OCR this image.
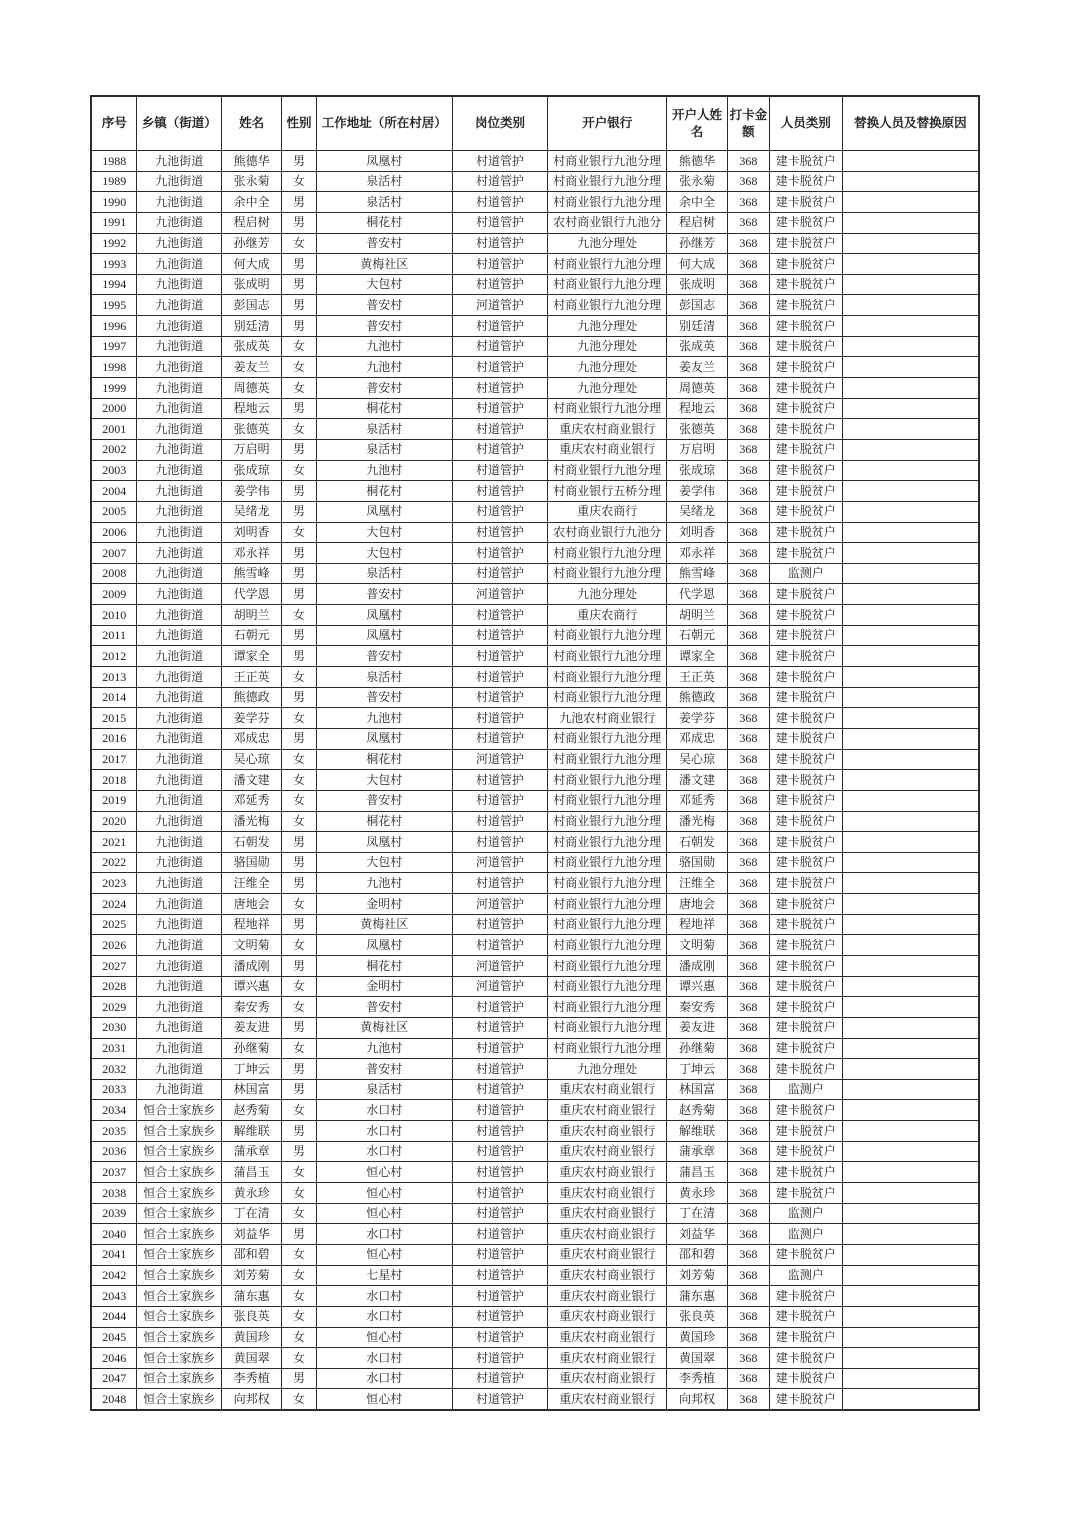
序号	乡镇（街道）	姓名	性别	工作地址（所在村居）	岗位类别	开户银行	开户人姓名	打卡金额	人员类别	替换人员及替换原因
1988	九池街道	熊德华	男	凤凰村	村道管护	村商业银行九池分理	熊德华	368	建卡脱贫户	
1989	九池街道	张永菊	女	泉活村	村道管护	村商业银行九池分理	张永菊	368	建卡脱贫户	
1990	九池街道	余中全	男	泉活村	村道管护	村商业银行九池分理	余中全	368	建卡脱贫户	
1991	九池街道	程启树	男	桐花村	村道管护	农村商业银行九池分	程启树	368	建卡脱贫户	
1992	九池街道	孙继芳	女	普安村	村道管护	九池分理处	孙继芳	368	建卡脱贫户	
1993	九池街道	何大成	男	黄梅社区	村道管护	村商业银行九池分理	何大成	368	建卡脱贫户	
1994	九池街道	张成明	男	大包村	村道管护	村商业银行九池分理	张成明	368	建卡脱贫户	
1995	九池街道	彭国志	男	普安村	河道管护	村商业银行九池分理	彭国志	368	建卡脱贫户	
1996	九池街道	别廷清	男	普安村	村道管护	九池分理处	别廷清	368	建卡脱贫户	
1997	九池街道	张成英	女	九池村	村道管护	九池分理处	张成英	368	建卡脱贫户	
1998	九池街道	姜友兰	女	九池村	村道管护	九池分理处	姜友兰	368	建卡脱贫户	
1999	九池街道	周德英	女	普安村	村道管护	九池分理处	周德英	368	建卡脱贫户	
2000	九池街道	程地云	男	桐花村	村道管护	村商业银行九池分理	程地云	368	建卡脱贫户	
2001	九池街道	张德英	女	泉活村	村道管护	重庆农村商业银行	张德英	368	建卡脱贫户	
2002	九池街道	万启明	男	泉活村	村道管护	重庆农村商业银行	万启明	368	建卡脱贫户	
2003	九池街道	张成琼	女	九池村	村道管护	村商业银行九池分理	张成琼	368	建卡脱贫户	
2004	九池街道	姜学伟	男	桐花村	村道管护	村商业银行五桥分理	姜学伟	368	建卡脱贫户	
2005	九池街道	吴绪龙	男	凤凰村	村道管护	重庆农商行	吴绪龙	368	建卡脱贫户	
2006	九池街道	刘明香	女	大包村	村道管护	农村商业银行九池分	刘明香	368	建卡脱贫户	
2007	九池街道	邓永祥	男	大包村	村道管护	村商业银行九池分理	邓永祥	368	建卡脱贫户	
2008	九池街道	熊雪峰	男	泉活村	村道管护	村商业银行九池分理	熊雪峰	368	监测户	
2009	九池街道	代学恩	男	普安村	河道管护	九池分理处	代学恩	368	建卡脱贫户	
2010	九池街道	胡明兰	女	凤凰村	村道管护	重庆农商行	胡明兰	368	建卡脱贫户	
2011	九池街道	石朝元	男	凤凰村	村道管护	村商业银行九池分理	石朝元	368	建卡脱贫户	
2012	九池街道	谭家全	男	普安村	村道管护	村商业银行九池分理	谭家全	368	建卡脱贫户	
2013	九池街道	王正英	女	泉活村	村道管护	村商业银行九池分理	王正英	368	建卡脱贫户	
2014	九池街道	熊德政	男	普安村	村道管护	村商业银行九池分理	熊德政	368	建卡脱贫户	
2015	九池街道	姜学芬	女	九池村	村道管护	九池农村商业银行	姜学芬	368	建卡脱贫户	
2016	九池街道	邓成忠	男	凤凰村	村道管护	村商业银行九池分理	邓成忠	368	建卡脱贫户	
2017	九池街道	吴心琼	女	桐花村	河道管护	村商业银行九池分理	吴心琼	368	建卡脱贫户	
2018	九池街道	潘文建	女	大包村	村道管护	村商业银行九池分理	潘文建	368	建卡脱贫户	
2019	九池街道	邓延秀	女	普安村	村道管护	村商业银行九池分理	邓延秀	368	建卡脱贫户	
2020	九池街道	潘光梅	女	桐花村	村道管护	村商业银行九池分理	潘光梅	368	建卡脱贫户	
2021	九池街道	石朝发	男	凤凰村	村道管护	村商业银行九池分理	石朝发	368	建卡脱贫户	
2022	九池街道	骆国勋	男	大包村	河道管护	村商业银行九池分理	骆国勋	368	建卡脱贫户	
2023	九池街道	汪维全	男	九池村	村道管护	村商业银行九池分理	汪维全	368	建卡脱贫户	
2024	九池街道	唐地会	女	金明村	河道管护	村商业银行九池分理	唐地会	368	建卡脱贫户	
2025	九池街道	程地祥	男	黄梅社区	村道管护	村商业银行九池分理	程地祥	368	建卡脱贫户	
2026	九池街道	文明菊	女	凤凰村	村道管护	村商业银行九池分理	文明菊	368	建卡脱贫户	
2027	九池街道	潘成刚	男	桐花村	河道管护	村商业银行九池分理	潘成刚	368	建卡脱贫户	
2028	九池街道	谭兴惠	女	金明村	河道管护	村商业银行九池分理	谭兴惠	368	建卡脱贫户	
2029	九池街道	秦安秀	女	普安村	村道管护	村商业银行九池分理	秦安秀	368	建卡脱贫户	
2030	九池街道	姜友进	男	黄梅社区	村道管护	村商业银行九池分理	姜友进	368	建卡脱贫户	
2031	九池街道	孙继菊	女	九池村	村道管护	村商业银行九池分理	孙继菊	368	建卡脱贫户	
2032	九池街道	丁坤云	男	普安村	村道管护	九池分理处	丁坤云	368	建卡脱贫户	
2033	九池街道	林国富	男	泉活村	村道管护	重庆农村商业银行	林国富	368	监测户	
2034	恒合土家族乡	赵秀菊	女	水口村	村道管护	重庆农村商业银行	赵秀菊	368	建卡脱贫户	
2035	恒合土家族乡	解维联	男	水口村	村道管护	重庆农村商业银行	解维联	368	建卡脱贫户	
2036	恒合土家族乡	蒲承章	男	水口村	村道管护	重庆农村商业银行	蒲承章	368	建卡脱贫户	
2037	恒合土家族乡	蒲昌玉	女	恒心村	村道管护	重庆农村商业银行	蒲昌玉	368	建卡脱贫户	
2038	恒合土家族乡	黄永珍	女	恒心村	村道管护	重庆农村商业银行	黄永珍	368	建卡脱贫户	
2039	恒合土家族乡	丁在清	女	恒心村	村道管护	重庆农村商业银行	丁在清	368	监测户	
2040	恒合土家族乡	刘益华	男	水口村	村道管护	重庆农村商业银行	刘益华	368	监测户	
2041	恒合土家族乡	邵和碧	女	恒心村	村道管护	重庆农村商业银行	邵和碧	368	建卡脱贫户	
2042	恒合土家族乡	刘芳菊	女	七星村	村道管护	重庆农村商业银行	刘芳菊	368	监测户	
2043	恒合土家族乡	蒲东惠	女	水口村	村道管护	重庆农村商业银行	蒲东惠	368	建卡脱贫户	
2044	恒合土家族乡	张良英	女	水口村	村道管护	重庆农村商业银行	张良英	368	建卡脱贫户	
2045	恒合土家族乡	黄国珍	女	恒心村	村道管护	重庆农村商业银行	黄国珍	368	建卡脱贫户	
2046	恒合土家族乡	黄国翠	女	水口村	村道管护	重庆农村商业银行	黄国翠	368	建卡脱贫户	
2047	恒合土家族乡	李秀植	男	水口村	村道管护	重庆农村商业银行	李秀植	368	建卡脱贫户	
2048	恒合土家族乡	向邦权	女	恒心村	村道管护	重庆农村商业银行	向邦权	368	建卡脱贫户	
